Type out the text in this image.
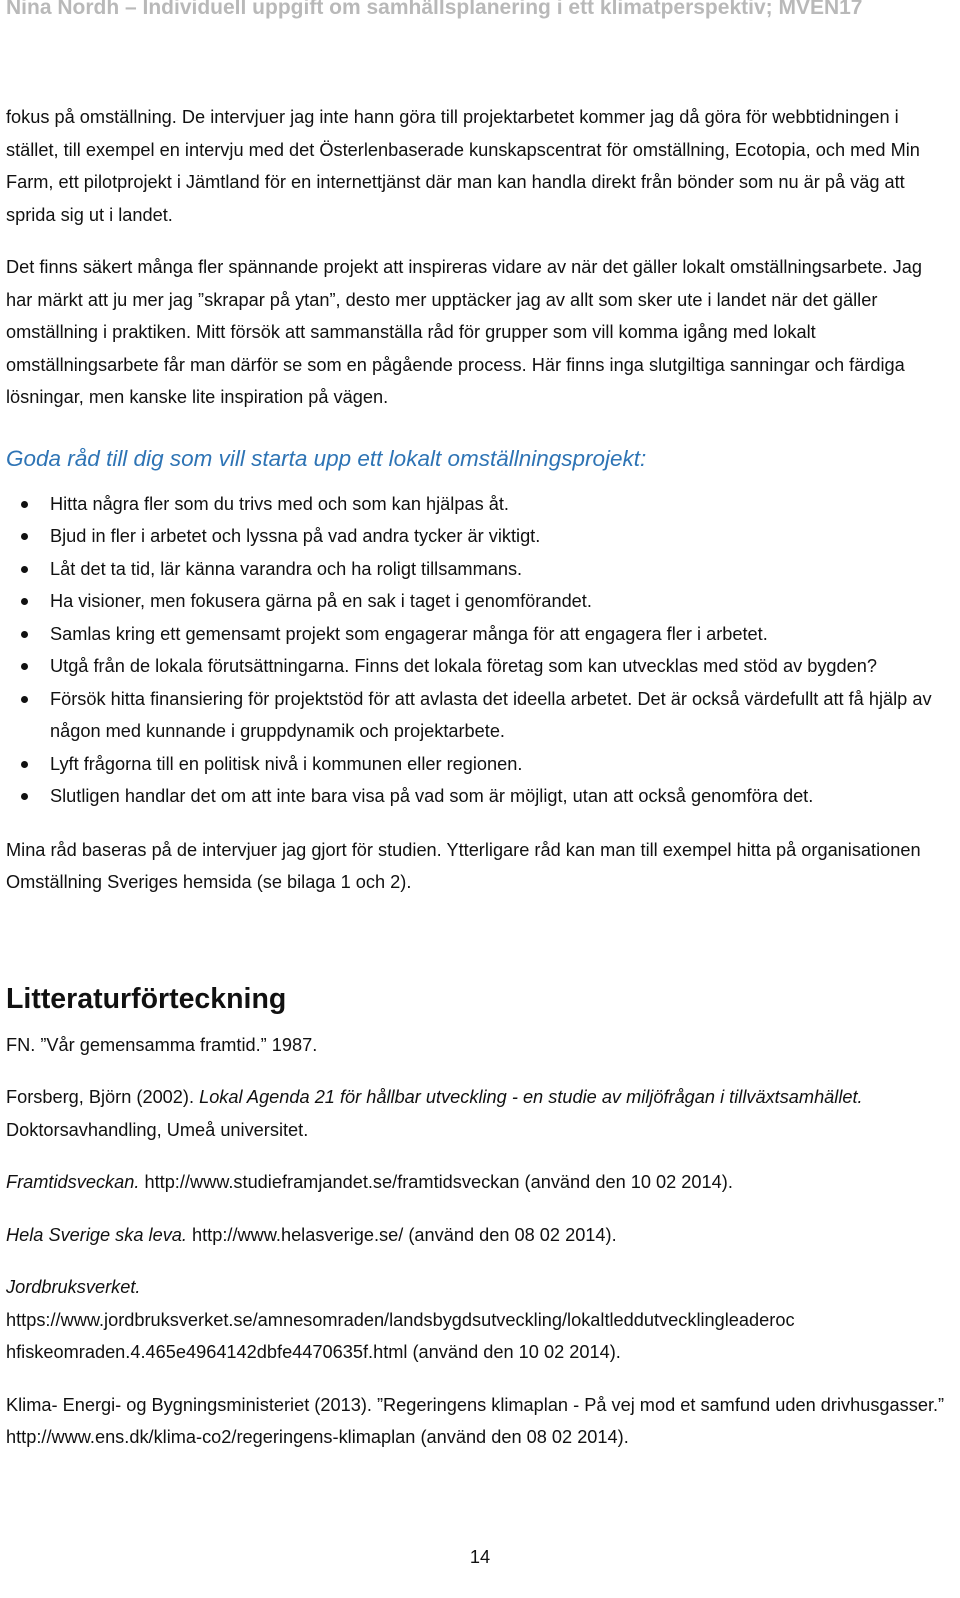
Nina Nordh – Individuell uppgift om samhällsplanering i ett klimatperspektiv; MVEN17

fokus på omställning. De intervjuer jag inte hann göra till projektarbetet kommer jag då göra för webbtidningen i stället, till exempel en intervju med det Österlenbaserade kunskapscentrat för omställning, Ecotopia, och med Min Farm, ett pilotprojekt i Jämtland för en internettjänst där man kan handla direkt från bönder som nu är på väg att sprida sig ut i landet.

Det finns säkert många fler spännande projekt att inspireras vidare av när det gäller lokalt omställningsarbete. Jag har märkt att ju mer jag ”skrapar på ytan”, desto mer upptäcker jag av allt som sker ute i landet när det gäller omställning i praktiken. Mitt försök att sammanställa råd för grupper som vill komma igång med lokalt omställningsarbete får man därför se som en pågående process. Här finns inga slutgiltiga sanningar och färdiga lösningar, men kanske lite inspiration på vägen.

Goda råd till dig som vill starta upp ett lokalt omställningsprojekt:
Hitta några fler som du trivs med och som kan hjälpas åt.
Bjud in fler i arbetet och lyssna på vad andra tycker är viktigt.
Låt det ta tid, lär känna varandra och ha roligt tillsammans.
Ha visioner, men fokusera gärna på en sak i taget i genomförandet.
Samlas kring ett gemensamt projekt som engagerar många för att engagera fler i arbetet.
Utgå från de lokala förutsättningarna. Finns det lokala företag som kan utvecklas med stöd av bygden?
Försök hitta finansiering för projektstöd för att avlasta det ideella arbetet. Det är också värdefullt att få hjälp av någon med kunnande i gruppdynamik och projektarbete.
Lyft frågorna till en politisk nivå i kommunen eller regionen.
Slutligen handlar det om att inte bara visa på vad som är möjligt, utan att också genomföra det.

Mina råd baseras på de intervjuer jag gjort för studien. Ytterligare råd kan man till exempel hitta på organisationen Omställning Sveriges hemsida (se bilaga 1 och 2).

Litteraturförteckning

FN. ”Vår gemensamma framtid.” 1987.

Forsberg, Björn (2002). Lokal Agenda 21 för hållbar utveckling - en studie av miljöfrågan i tillväxtsamhället. Doktorsavhandling, Umeå universitet.

Framtidsveckan. http://www.studieframjandet.se/framtidsveckan (använd den 10 02 2014).

Hela Sverige ska leva. http://www.helasverige.se/ (använd den 08 02 2014).

Jordbruksverket.
https://www.jordbruksverket.se/amnesomraden/landsbygdsutveckling/lokaltleddutvecklingleaderoc
hfiskeomraden.4.465e4964142dbfe4470635f.html (använd den 10 02 2014).

Klima- Energi- og Bygningsministeriet (2013). ”Regeringens klimaplan - På vej mod et samfund uden drivhusgasser.” http://www.ens.dk/klima-co2/regeringens-klimaplan (använd den 08 02 2014).

14
